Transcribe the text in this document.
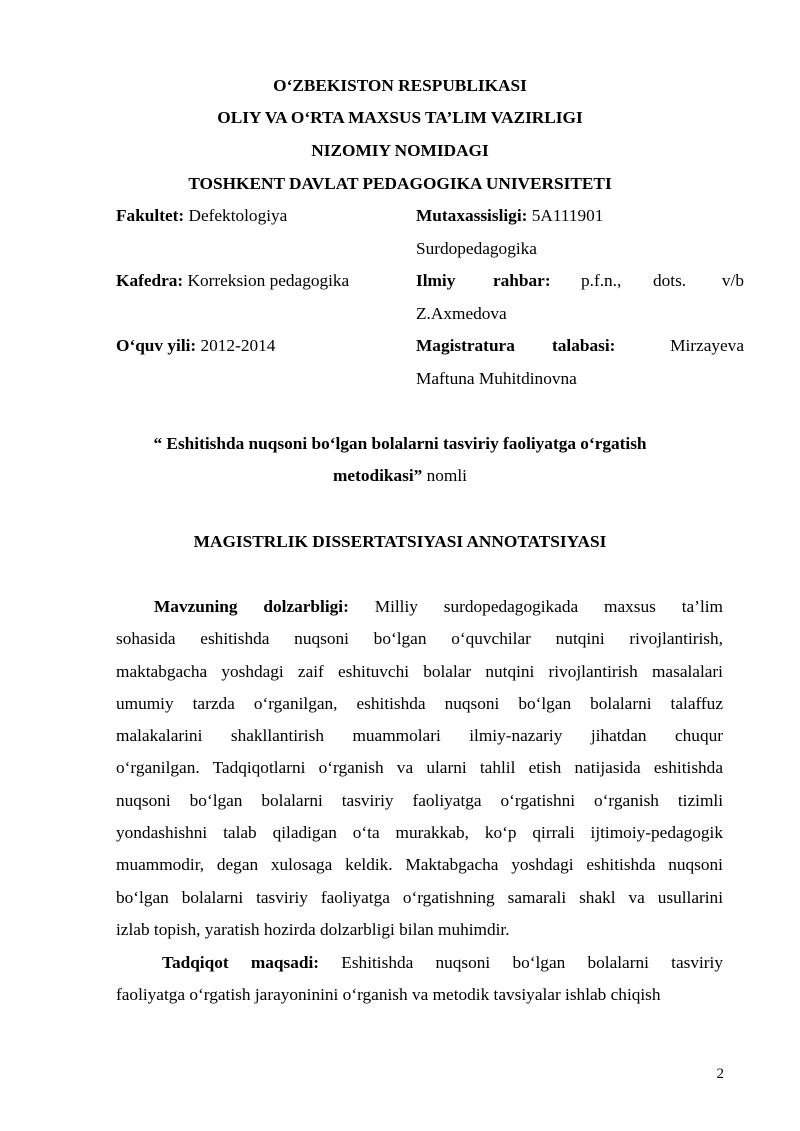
O‘ZBEKISTON RESPUBLIKASI
OLIY VA O‘RTA MAXSUS TA’LIM VAZIRLIGI
NIZOMIY NOMIDAGI
TOSHKENT DAVLAT PEDAGOGIKA UNIVERSITETI
Fakultet: Defektologiya
Kafedra: Korreksion pedagogika
O‘quv yili: 2012-2014
Mutaxassisligi: 5A111901
Surdopedagogika
Ilmiy rahbar: p.f.n., dots. v/b
Z.Axmedova
Magistratura talabasi:	Mirzayeva
Maftuna Muhitdinovna
“ Eshitishda nuqsoni bo‘lgan bolalarni tasviriy faoliyatga o‘rgatish
metodikasi” nomli
MAGISTRLIK DISSERTATSIYASI ANNOTATSIYASI
Mavzuning dolzarbligi: Milliy surdopedagogikada maxsus ta’lim
sohasida eshitishda nuqsoni bo‘lgan o‘quvchilar nutqini rivojlantirish,
maktabgacha yoshdagi zaif eshituvchi bolalar nutqini rivojlantirish masalalari
umumiy tarzda o‘rganilgan, eshitishda nuqsoni bo‘lgan bolalarni talaffuz
malakalarini shakllantirish muammolari ilmiy-nazariy jihatdan chuqur
o‘rganilgan. Tadqiqotlarni o‘rganish va ularni tahlil etish natijasida eshitishda
nuqsoni bo‘lgan bolalarni tasviriy faoliyatga o‘rgatishni o‘rganish tizimli
yondashishni talab qiladigan o‘ta murakkab, ko‘p qirrali ijtimoiy-pedagogik
muammodir, degan xulosaga keldik. Maktabgacha yoshdagi eshitishda nuqsoni
bo‘lgan bolalarni tasviriy faoliyatga o‘rgatishning samarali shakl va usullarini
izlab topish, yaratish hozirda dolzarbligi bilan muhimdir.
Tadqiqot maqsadi: Eshitishda nuqsoni bo‘lgan bolalarni tasviriy
faoliyatga o‘rgatish jarayoninini o‘rganish va metodik tavsiyalar ishlab chiqish
2
